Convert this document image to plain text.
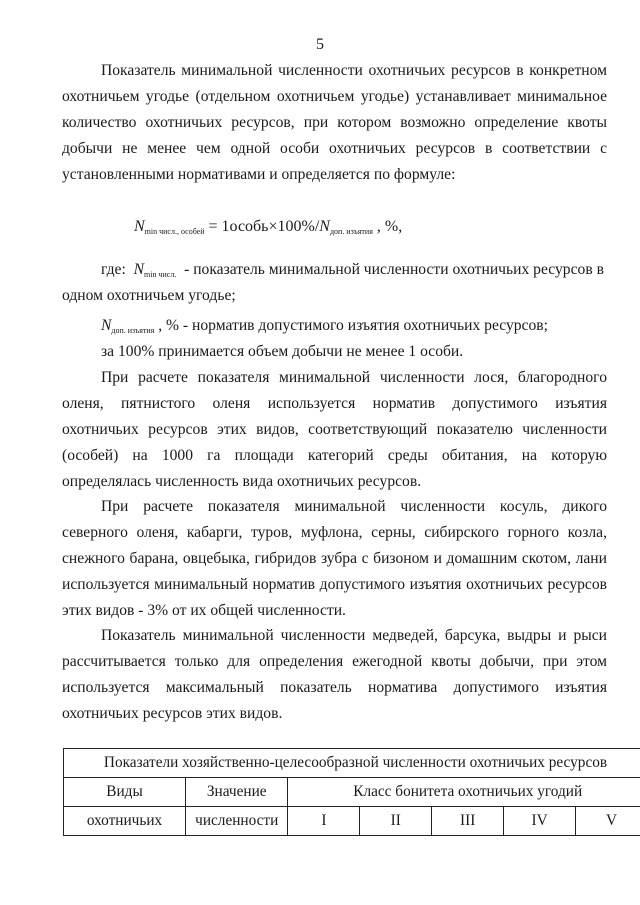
5

Показатель минимальной численности охотничьих ресурсов в конкретном охотничьем угодье (отдельном охотничьем угодье) устанавливает минимальное количество охотничьих ресурсов, при котором возможно определение квоты добычи не менее чем одной особи охотничьих ресурсов в соответствии с установленными нормативами и определяется по формуле:

$N_{min числ., особей}$ = $1особь\times 100\%/N_{доп. изъятия}$ , %,
где: $N_{min числ.}$ - показатель минимальной численности охотничьих ресурсов в
одном охотничьем угодье;
$N_{доп. изъятия}$ , % - норматив допустимого изъятия охотничьих ресурсов;
за 100% принимается объем добычи не менее 1 особи.

При расчете показателя минимальной численности лося, благородного оленя, пятнистого оленя используется норматив допустимого изъятия охотничьих ресурсов этих видов, соответствующий показателю численности (особей) на 1000 га площади категорий среды обитания, на которую определялась численность вида охотничьих ресурсов.

При расчете показателя минимальной численности косуль, дикого северного оленя, кабарги, туров, муфлона, серны, сибирского горного козла, снежного барана, овцебыка, гибридов зубра с бизоном и домашним скотом, лани используется минимальный норматив допустимого изъятия охотничьих ресурсов этих видов - 3% от их общей численности.

Показатель минимальной численности медведей, барсука, выдры и рыси рассчитывается только для определения ежегодной квоты добычи, при этом используется максимальный показатель норматива допустимого изъятия охотничьих ресурсов этих видов.

Показатели хозяйственно-целесообразной численности охотничьих ресурсов						
Виды	Значение	Класс бонитета охотничьих угодий				
охотничьих	численности	I	II	III	IV	V
